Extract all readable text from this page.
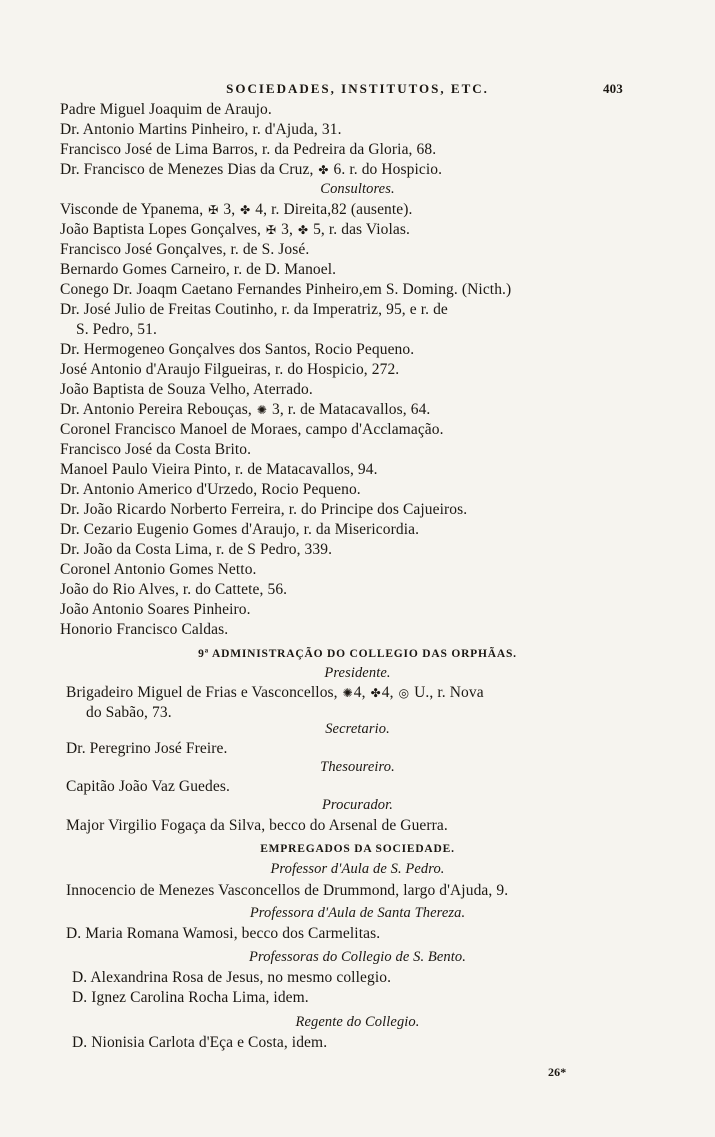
SOCIEDADES, INSTITUTOS, ETC.	403
Padre Miguel Joaquim de Araujo.
Dr. Antonio Martins Pinheiro, r. d'Ajuda, 31.
Francisco José de Lima Barros, r. da Pedreira da Gloria, 68.
Dr. Francisco de Menezes Dias da Cruz, ✤ 6. r. do Hospicio.
Consultores.
Visconde de Ypanema, ✠ 3, ✤ 4, r. Direita,82 (ausente).
João Baptista Lopes Gonçalves, ✠ 3, ✤ 5, r. das Violas.
Francisco José Gonçalves, r. de S. José.
Bernardo Gomes Carneiro, r. de D. Manoel.
Conego Dr. Joaqm Caetano Fernandes Pinheiro,em S. Doming. (Nicth.)
Dr. José Julio de Freitas Coutinho, r. da Imperatriz, 95, e r. de
S. Pedro, 51.
Dr. Hermogeneo Gonçalves dos Santos, Rocio Pequeno.
José Antonio d'Araujo Filgueiras, r. do Hospicio, 272.
João Baptista de Souza Velho, Aterrado.
Dr. Antonio Pereira Rebouças, ✺ 3, r. de Matacavallos, 64.
Coronel Francisco Manoel de Moraes, campo d'Acclamação.
Francisco José da Costa Brito.
Manoel Paulo Vieira Pinto, r. de Matacavallos, 94.
Dr. Antonio Americo d'Urzedo, Rocio Pequeno.
Dr. João Ricardo Norberto Ferreira, r. do Principe dos Cajueiros.
Dr. Cezario Eugenio Gomes d'Araujo, r. da Misericordia.
Dr. João da Costa Lima, r. de S Pedro, 339.
Coronel Antonio Gomes Netto.
João do Rio Alves, r. do Cattete, 56.
João Antonio Soares Pinheiro.
Honorio Francisco Caldas.
9ª ADMINISTRAÇÃO DO COLLEGIO DAS ORPHÃAS.
Presidente.
Brigadeiro Miguel de Frias e Vasconcellos, ✺4, ✤4, ◎ U., r. Nova
do Sabão, 73.
Secretario.
Dr. Peregrino José Freire.
Thesoureiro.
Capitão João Vaz Guedes.
Procurador.
Major Virgilio Fogaça da Silva, becco do Arsenal de Guerra.
EMPREGADOS DA SOCIEDADE.
Professor d'Aula de S. Pedro.
Innocencio de Menezes Vasconcellos de Drummond, largo d'Ajuda, 9.
Professora d'Aula de Santa Thereza.
D. Maria Romana Wamosi, becco dos Carmelitas.
Professoras do Collegio de S. Bento.
D. Alexandrina Rosa de Jesus, no mesmo collegio.
D. Ignez Carolina Rocha Lima, idem.
Regente do Collegio.
D. Nionisia Carlota d'Eça e Costa, idem.
26*
